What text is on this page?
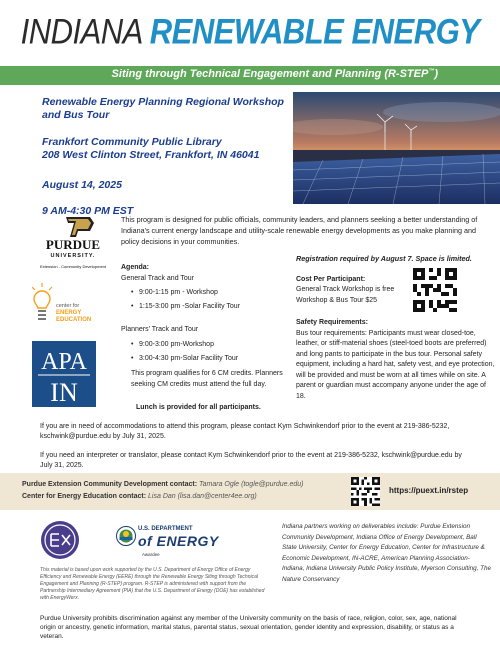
INDIANA RENEWABLE ENERGY
Siting through Technical Engagement and Planning (R-STEP™)
Renewable Energy Planning Regional Workshop and Bus Tour
Frankfort Community Public Library
208 West Clinton Street, Frankfort, IN 46041
August 14, 2025
9 AM-4:30 PM EST
PURDUE
UNIVERSITY.
Extension - Community Development
center for
ENERGY
EDUCATION
APA
IN
This program is designed for public officials, community leaders, and planners seeking a better understanding of Indiana's current energy landscape and utility-scale renewable energy developments as you make planning and policy decisions in your communities.
Agenda:
General Track and Tour
• 9:00-1:15 pm - Workshop
• 1:15-3:00 pm -Solar Facility Tour
Planners' Track and Tour
• 9:00-3:00 pm-Workshop
• 3:00-4:30 pm-Solar Facility Tour
This program qualifies for 6 CM credits. Planners seeking CM credits must attend the full day.
Lunch is provided for all participants.
Registration required by August 7. Space is limited.
Cost Per Participant:
General Track Workshop is free
Workshop & Bus Tour $25
Safety Requirements:
Bus tour requirements: Participants must wear closed-toe, leather, or stiff-material shoes (steel-toed boots are preferred) and long pants to participate in the bus tour. Personal safety equipment, including a hard hat, safety vest, and eye protection, will be provided and must be worn at all times while on site. A parent or guardian must accompany anyone under the age of 18.

If you are in need of accommodations to attend this program, please contact Kym Schwinkendorf prior to the event at 219-386-5232, kschwink@purdue.edu by July 31, 2025.

If you need an interpreter or translator, please contact Kym Schwinkendorf prior to the event at 219-386-5232, kschwink@purdue.edu by July 31, 2025.

Purdue Extension Community Development contact: Tamara Ogle (togle@purdue.edu)
Center for Energy Education contact: Lisa Dan (lisa.dan@center4ee.org)
https://puext.in/rstep
U.S. DEPARTMENT
of ENERGY
Awardee
This material is based upon work supported by the U.S. Department of Energy Office of Energy Efficiency and Renewable Energy (EERE) through the Renewable Energy Siting through Technical Engagement and Planning (R-STEP) program. R-STEP is administered with support from the Partnership Intermediary Agreement (PIA) that the U.S. Department of Energy (DOE) has established with EnergyWerx.
Indiana partners working on deliverables include: Purdue Extension Community Development, Indiana Office of Energy Development, Ball State University, Center for Energy Education, Center for Infrastructure & Economic Development, IN-ACRE, American Planning Association-Indiana, Indiana University Public Policy Institute, Myerson Consulting, The Nature Conservancy
Purdue University prohibits discrimination against any member of the University community on the basis of race, religion, color, sex, age, national origin or ancestry, genetic information, marital status, parental status, sexual orientation, gender identity and expression, disability, or status as a veteran.
